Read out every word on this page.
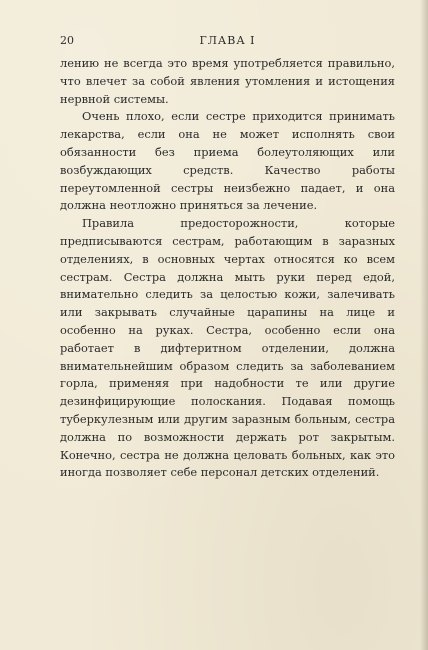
20	ГЛАВА I

лению не всегда это время употребляется правильно, что влечет за собой явления утомления и истощения нервной системы.

Очень плохо, если сестре приходится принимать лекарства, если она не может исполнять свои обязанности без приема болеутоляющих или возбуждающих средств. Качество работы переутомленной сестры неизбежно падает, и она должна неотложно приняться за лечение.

Правила предосторожности, которые предписываются сестрам, работающим в заразных отделениях, в основных чертах относятся ко всем сестрам. Сестра должна мыть руки перед едой, внимательно следить за целостью кожи, залечивать или закрывать случайные царапины на лице и особенно на руках. Сестра, особенно если она работает в дифтеритном отделении, должна внимательнейшим образом следить за заболеванием горла, применяя при надобности те или другие дезинфицирующие полоскания. Подавая помощь туберкулезным или другим заразным больным, сестра должна по возможности держать рот закрытым. Конечно, сестра не должна целовать больных, как это иногда позволяет себе персонал детских отделений.
